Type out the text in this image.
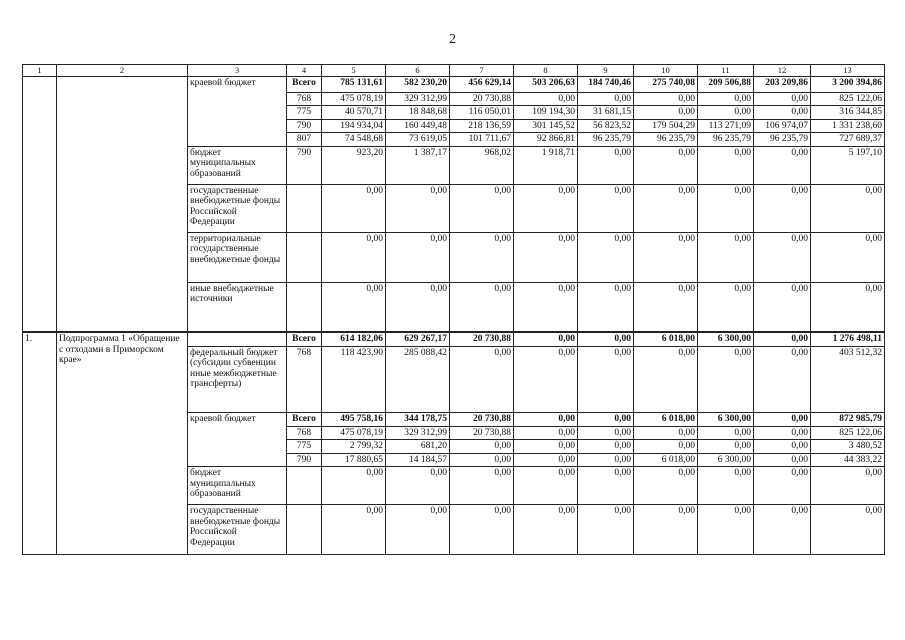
2
1	2	3	4	5	6	7	8	9	10	11	12	13
		краевой бюджет	Всего	785 131,61	582 230,20	456 629,14	503 206,63	184 740,46	275 740,08	209 506,88	203 209,86	3 200 394,86
			768	475 078,19	329 312,99	20 730,88	0,00	0,00	0,00	0,00	0,00	825 122,06
			775	40 570,71	18 848,68	116 050,01	109 194,30	31 681,15	0,00	0,00	0,00	316 344,85
			790	194 934,04	160 449,48	218 136,59	301 145,52	56 823,52	179 504,29	113 271,09	106 974,07	1 331 238,60
			807	74 548,68	73 619,05	101 711,67	92 866,81	96 235,79	96 235,79	96 235,79	96 235,79	727 689,37
		бюджет муниципальных образований	790	923,20	1 387,17	968,02	1 918,71	0,00	0,00	0,00	0,00	5 197,10
		государственные внебюджетные фонды Российской Федерации		0,00	0,00	0,00	0,00	0,00	0,00	0,00	0,00	0,00
		территориальные государственные внебюджетные фонды		0,00	0,00	0,00	0,00	0,00	0,00	0,00	0,00	0,00
		иные внебюджетные источники		0,00	0,00	0,00	0,00	0,00	0,00	0,00	0,00	0,00
1.	Подпрограмма 1 «Обращение с отходами в Приморском крае»		Всего	614 182,06	629 267,17	20 730,88	0,00	0,00	6 018,00	6 300,00	0,00	1 276 498,11
		федеральный бюджет (субсидии субвенции иные межбюджетные трансферты)	768	118 423,90	285 088,42	0,00	0,00	0,00	0,00	0,00	0,00	403 512,32
		краевой бюджет	Всего	495 758,16	344 178,75	20 730,88	0,00	0,00	6 018,00	6 300,00	0,00	872 985,79
			768	475 078,19	329 312,99	20 730,88	0,00	0,00	0,00	0,00	0,00	825 122,06
			775	2 799,32	681,20	0,00	0,00	0,00	0,00	0,00	0,00	3 480,52
			790	17 880,65	14 184,57	0,00	0,00	0,00	6 018,00	6 300,00	0,00	44 383,22
		бюджет муниципальных образований		0,00	0,00	0,00	0,00	0,00	0,00	0,00	0,00	0,00
		государственные внебюджетные фонды Российской Федерации		0,00	0,00	0,00	0,00	0,00	0,00	0,00	0,00	0,00
